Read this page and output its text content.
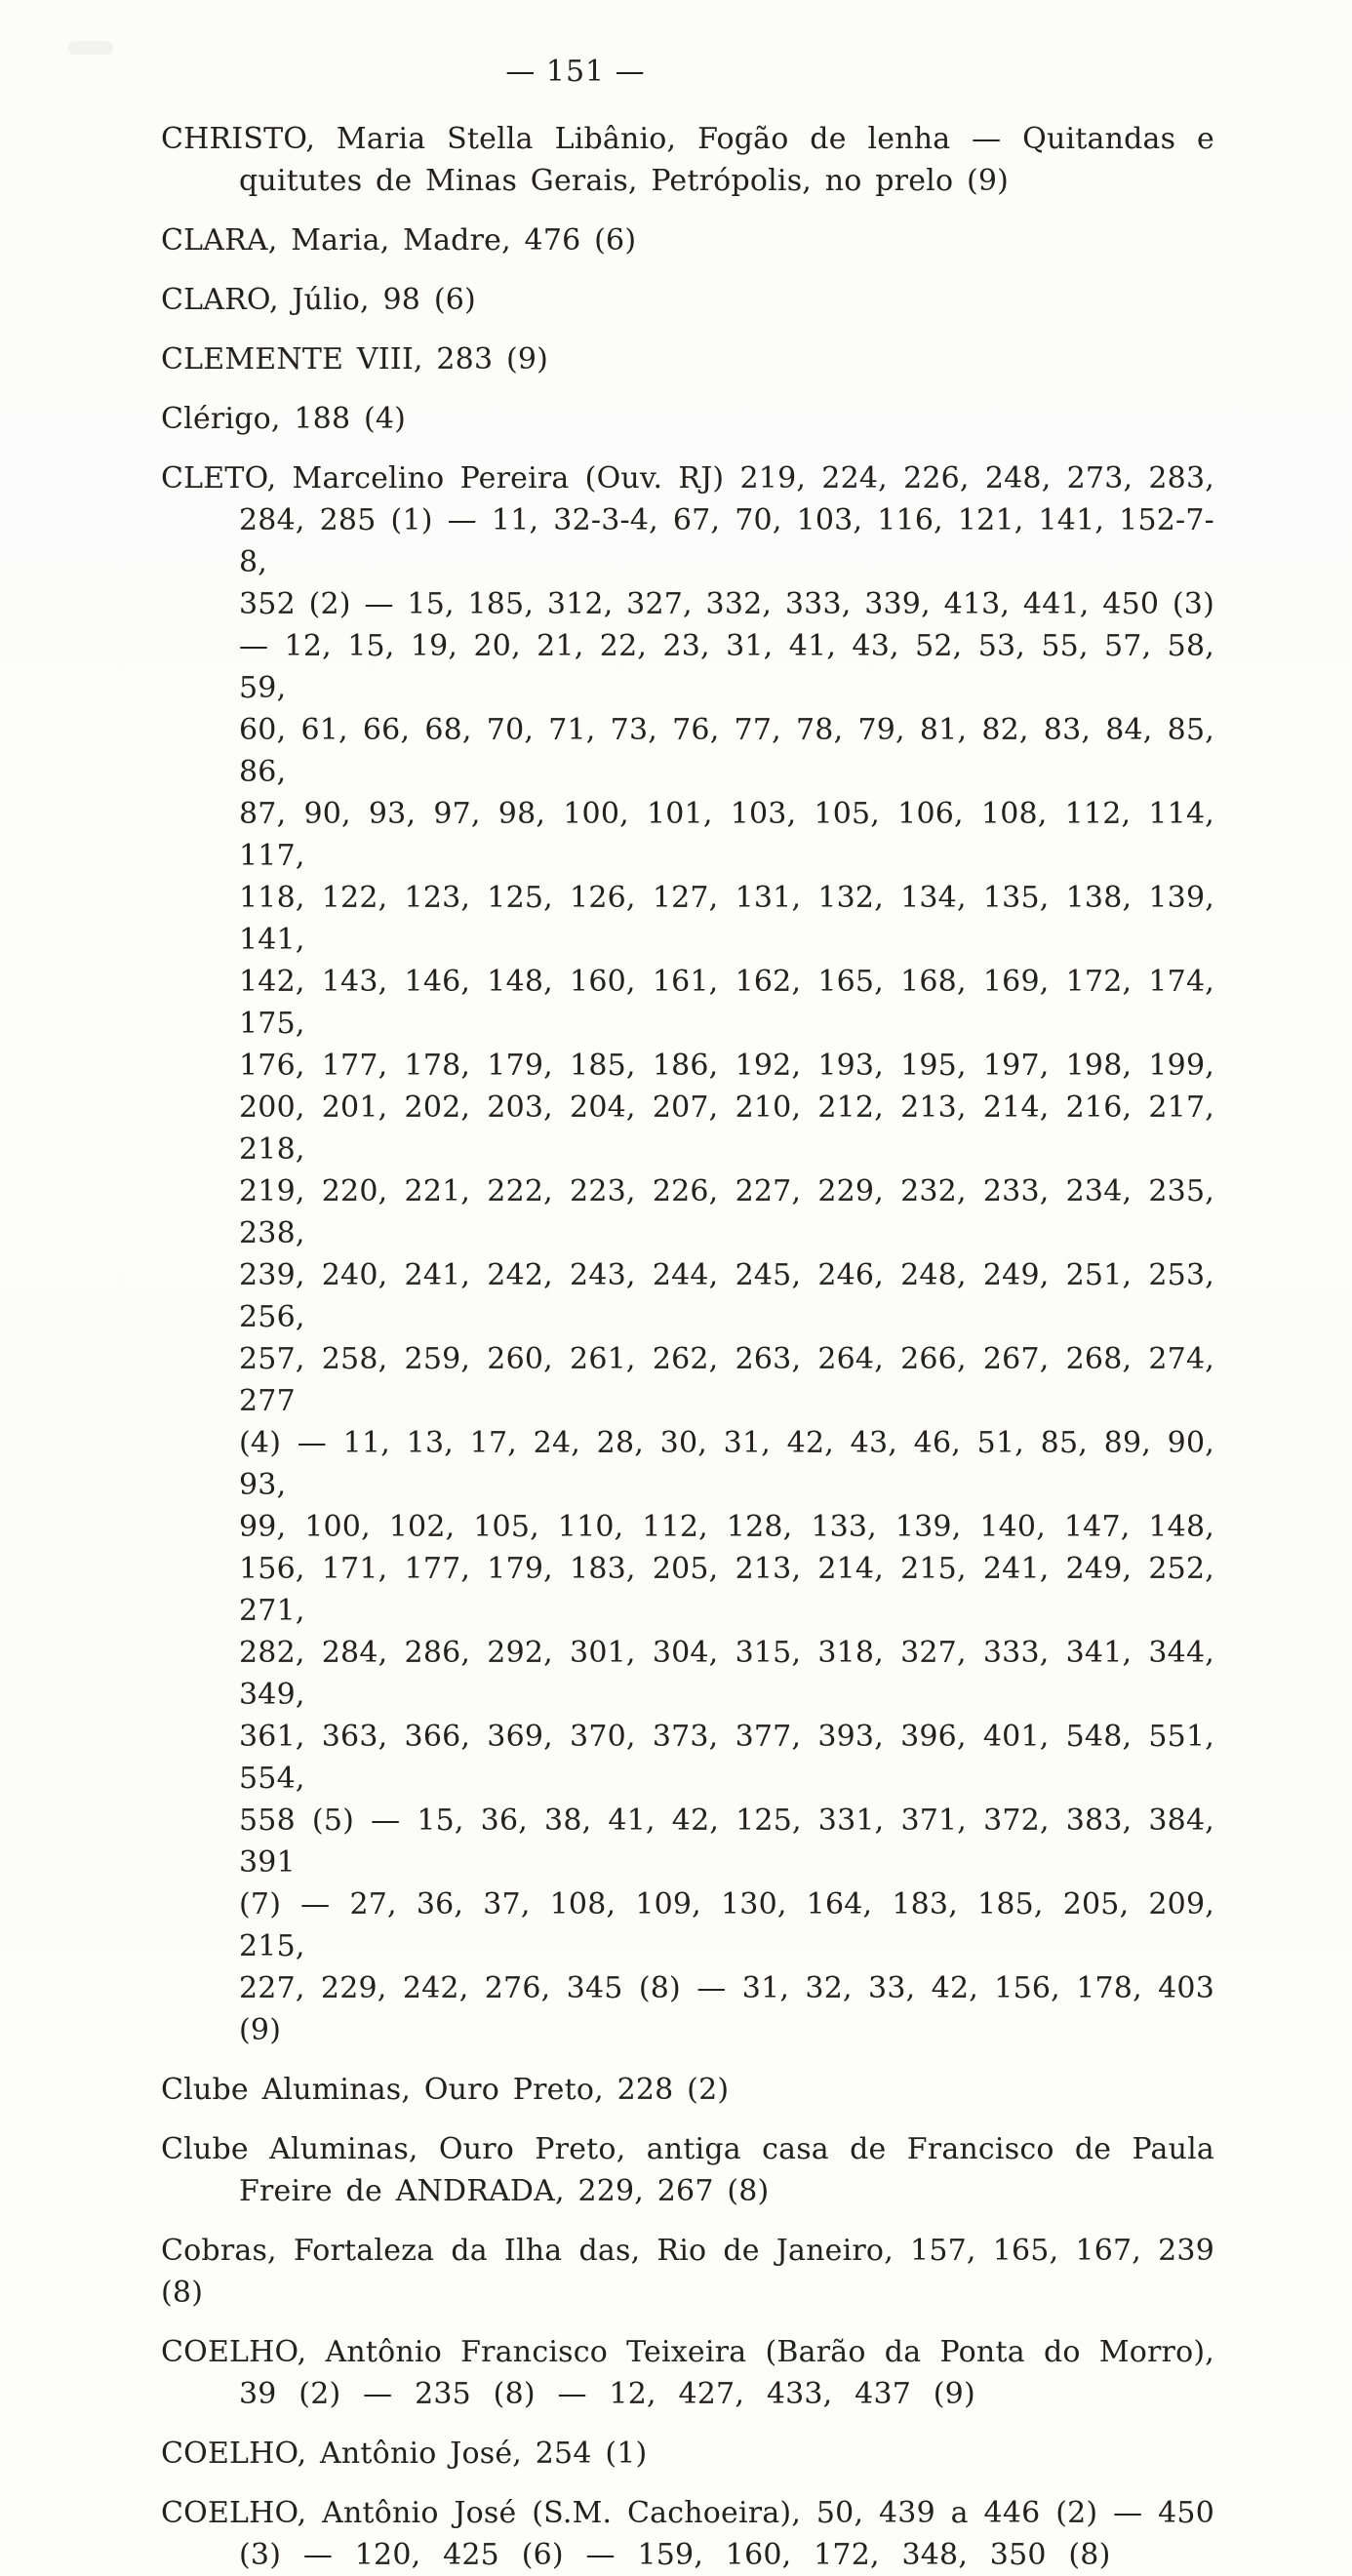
— 151 —
CHRISTO, Maria Stella Libânio, Fogão de lenha — Quitandas e
quitutes de Minas Gerais, Petrópolis, no prelo (9)
CLARA, Maria, Madre, 476 (6)
CLARO, Júlio, 98 (6)
CLEMENTE VIII, 283 (9)
Clérigo, 188 (4)
CLETO, Marcelino Pereira (Ouv. RJ) 219, 224, 226, 248, 273, 283,
284, 285 (1) — 11, 32-3-4, 67, 70, 103, 116, 121, 141, 152-7-8,
352 (2) — 15, 185, 312, 327, 332, 333, 339, 413, 441, 450 (3)
— 12, 15, 19, 20, 21, 22, 23, 31, 41, 43, 52, 53, 55, 57, 58, 59,
60, 61, 66, 68, 70, 71, 73, 76, 77, 78, 79, 81, 82, 83, 84, 85, 86,
87, 90, 93, 97, 98, 100, 101, 103, 105, 106, 108, 112, 114, 117,
118, 122, 123, 125, 126, 127, 131, 132, 134, 135, 138, 139, 141,
142, 143, 146, 148, 160, 161, 162, 165, 168, 169, 172, 174, 175,
176, 177, 178, 179, 185, 186, 192, 193, 195, 197, 198, 199,
200, 201, 202, 203, 204, 207, 210, 212, 213, 214, 216, 217, 218,
219, 220, 221, 222, 223, 226, 227, 229, 232, 233, 234, 235, 238,
239, 240, 241, 242, 243, 244, 245, 246, 248, 249, 251, 253, 256,
257, 258, 259, 260, 261, 262, 263, 264, 266, 267, 268, 274, 277
(4) — 11, 13, 17, 24, 28, 30, 31, 42, 43, 46, 51, 85, 89, 90, 93,
99, 100, 102, 105, 110, 112, 128, 133, 139, 140, 147, 148,
156, 171, 177, 179, 183, 205, 213, 214, 215, 241, 249, 252, 271,
282, 284, 286, 292, 301, 304, 315, 318, 327, 333, 341, 344, 349,
361, 363, 366, 369, 370, 373, 377, 393, 396, 401, 548, 551, 554,
558 (5) — 15, 36, 38, 41, 42, 125, 331, 371, 372, 383, 384, 391
(7) — 27, 36, 37, 108, 109, 130, 164, 183, 185, 205, 209, 215,
227, 229, 242, 276, 345 (8) — 31, 32, 33, 42, 156, 178, 403 (9)
Clube Aluminas, Ouro Preto, 228 (2)
Clube Aluminas, Ouro Preto, antiga casa de Francisco de Paula
Freire de ANDRADA, 229, 267 (8)
Cobras, Fortaleza da Ilha das, Rio de Janeiro, 157, 165, 167, 239 (8)
COELHO, Antônio Francisco Teixeira (Barão da Ponta do Morro),
39 (2) — 235 (8) — 12, 427, 433, 437 (9)
COELHO, Antônio José, 254 (1)
COELHO, Antônio José (S.M. Cachoeira), 50, 439 a 446 (2) — 450
(3) — 120, 425 (6) — 159, 160, 172, 348, 350 (8)
